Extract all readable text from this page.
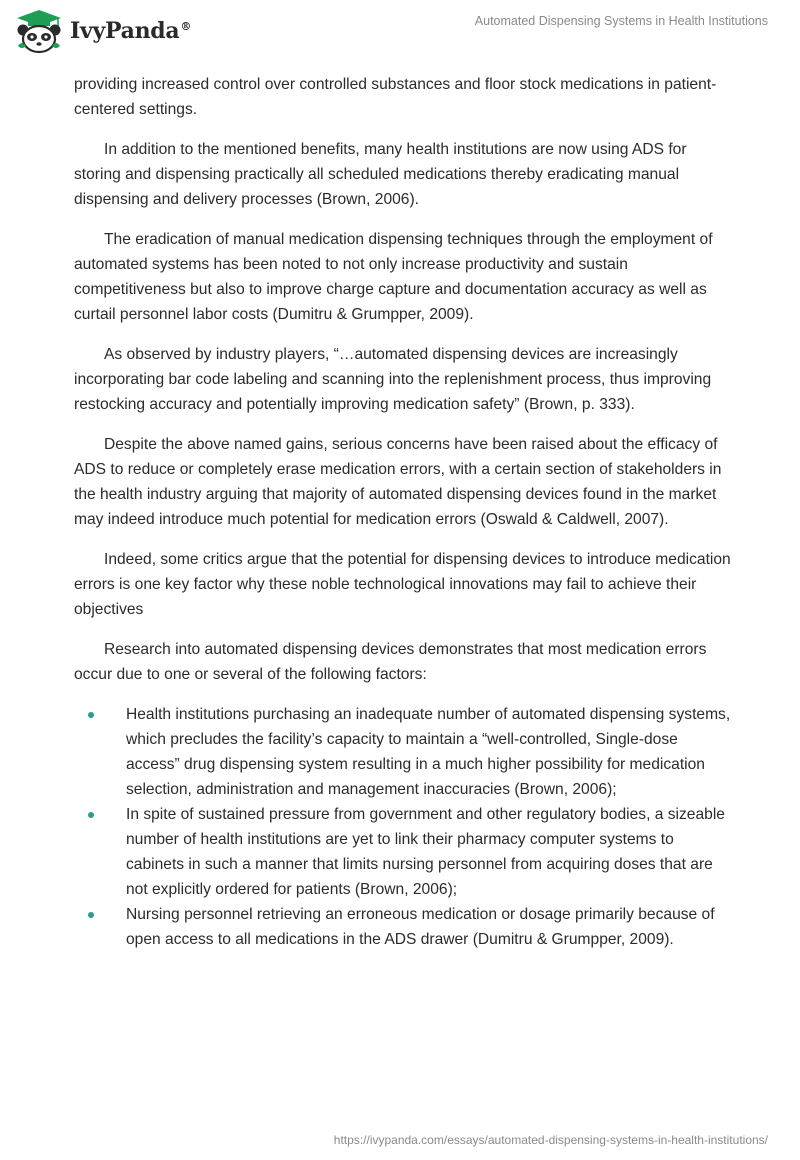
IvyPanda®	Automated Dispensing Systems in Health Institutions

providing increased control over controlled substances and floor stock medications in patient-centered settings.

In addition to the mentioned benefits, many health institutions are now using ADS for storing and dispensing practically all scheduled medications thereby eradicating manual dispensing and delivery processes (Brown, 2006).

The eradication of manual medication dispensing techniques through the employment of automated systems has been noted to not only increase productivity and sustain competitiveness but also to improve charge capture and documentation accuracy as well as curtail personnel labor costs (Dumitru & Grumpper, 2009).

As observed by industry players, “…automated dispensing devices are increasingly incorporating bar code labeling and scanning into the replenishment process, thus improving restocking accuracy and potentially improving medication safety” (Brown, p. 333).

Despite the above named gains, serious concerns have been raised about the efficacy of ADS to reduce or completely erase medication errors, with a certain section of stakeholders in the health industry arguing that majority of automated dispensing devices found in the market may indeed introduce much potential for medication errors (Oswald & Caldwell, 2007).

Indeed, some critics argue that the potential for dispensing devices to introduce medication errors is one key factor why these noble technological innovations may fail to achieve their objectives

Research into automated dispensing devices demonstrates that most medication errors occur due to one or several of the following factors:

Health institutions purchasing an inadequate number of automated dispensing systems, which precludes the facility’s capacity to maintain a “well-controlled, Single-dose access” drug dispensing system resulting in a much higher possibility for medication selection, administration and management inaccuracies (Brown, 2006);
In spite of sustained pressure from government and other regulatory bodies, a sizeable number of health institutions are yet to link their pharmacy computer systems to cabinets in such a manner that limits nursing personnel from acquiring doses that are not explicitly ordered for patients (Brown, 2006);
Nursing personnel retrieving an erroneous medication or dosage primarily because of open access to all medications in the ADS drawer (Dumitru & Grumpper, 2009).
https://ivypanda.com/essays/automated-dispensing-systems-in-health-institutions/
